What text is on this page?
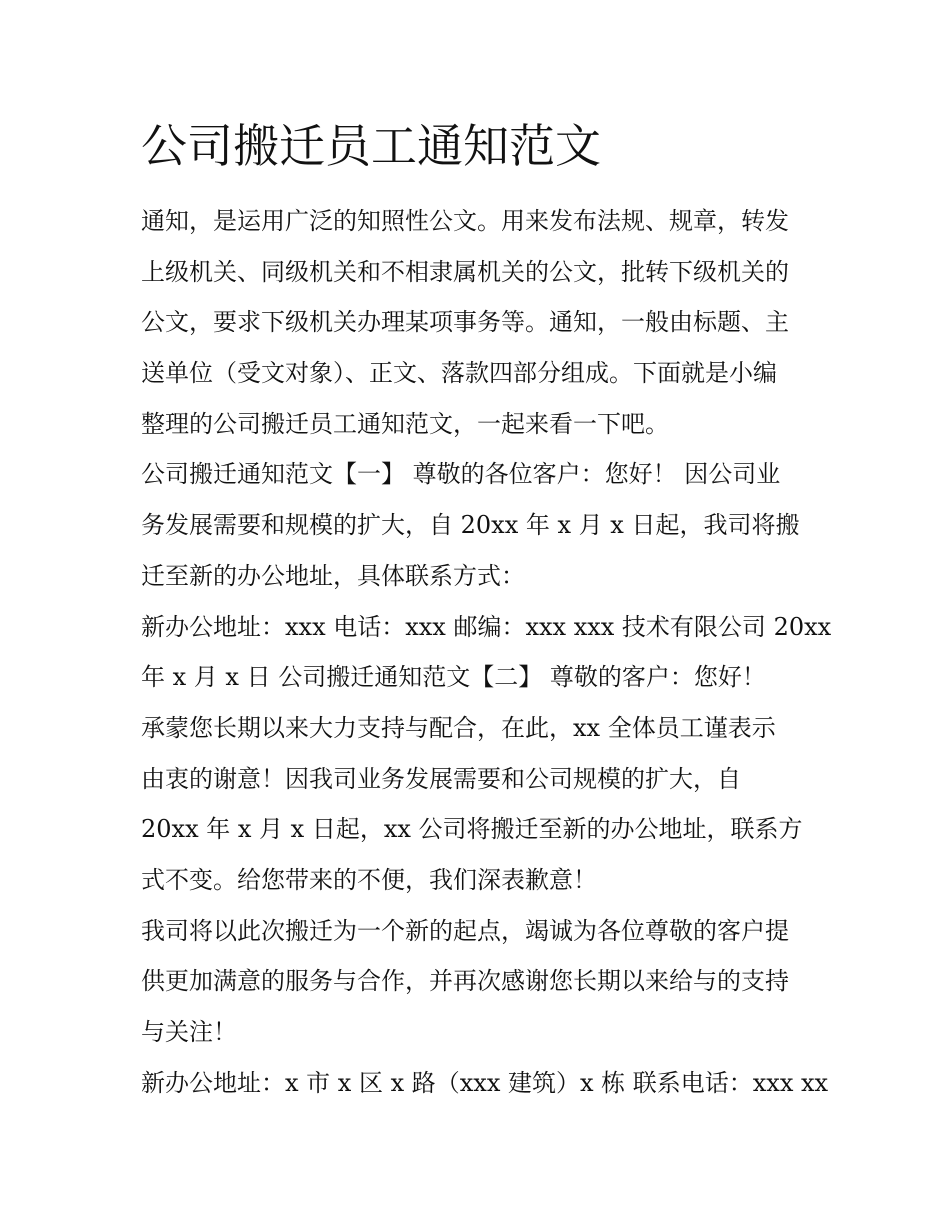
公司搬迁员工通知范文
通知，是运用广泛的知照性公文。用来发布法规、规章，转发
上级机关、同级机关和不相隶属机关的公文，批转下级机关的
公文，要求下级机关办理某项事务等。通知，一般由标题、主
送单位（受文对象）、正文、落款四部分组成。下面就是小编
整理的公司搬迁员工通知范文，一起来看一下吧。
公司搬迁通知范文【一】 尊敬的各位客户：您好！ 因公司业
务发展需要和规模的扩大，自 20xx 年 x 月 x 日起，我司将搬
迁至新的办公地址，具体联系方式：
新办公地址：xxx 电话：xxx 邮编：xxx xxx 技术有限公司 20xx
年 x 月 x 日 公司搬迁通知范文【二】 尊敬的客户：您好！
承蒙您长期以来大力支持与配合，在此，xx 全体员工谨表示
由衷的谢意！因我司业务发展需要和公司规模的扩大，自
20xx 年 x 月 x 日起，xx 公司将搬迁至新的办公地址，联系方
式不变。给您带来的不便，我们深表歉意！
我司将以此次搬迁为一个新的起点，竭诚为各位尊敬的客户提
供更加满意的服务与合作，并再次感谢您长期以来给与的支持
与关注！
新办公地址：x 市 x 区 x 路（xxx 建筑）x 栋 联系电话：xxx xx
